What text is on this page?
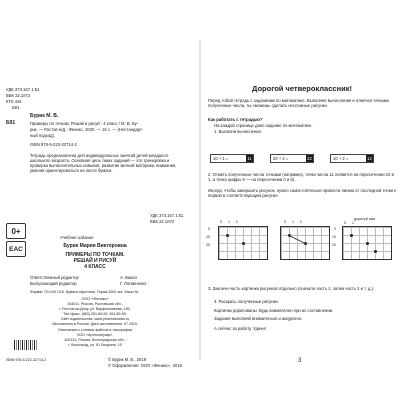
УДК 373.167.1:51
ББК 22.1я72
КТК 444
Б91
Бурик М. В.
Б91	Примеры по точкам. Решай и рисуй : 4 класс / М. В. Бу-
рик. — Ростов н/Д : Феникс, 2020. — 16 с. — (Нестандарт-
ный подход).
ISBN 978-5-222-32714-2
Тетрадь предназначена для индивидуальных занятий детей младшего школьного возраста. Основная цель таких заданий — это тренировка и проверка вычислительных навыков, развитие мелкой моторики, внимания, умения ориентироваться на листе бумаги.
УДК 373.167.1:51
ББК 22.1я72
0+
EAC
Учебное издание
Бурик Мария Викторовна
ПРИМЕРЫ ПО ТОЧКАМ.
РЕШАЙ И РИСУЙ
4 КЛАСС
Ответственный редактор	А. Вакал
Выпускающий редактор	Г. Логвиненко
Формат 70×100 1/16. Бумага офсетная. Тираж 2000 экз. Заказ №
ООО «Феникс»
344011, Россия, Ростовская обл.,
г. Ростов-на-Дону, ул. Варфоломеева, 150.
Тел./факс: (863) 261-89-50, 261-89-59.
Сайт издательства: www.phoenixbooks.ru
Изготовлено в России. Дата изготовления: 07.2019.
Отпечатано с готовых файлов в типографии
ООО «Артполиграф»,
400131, Россия, Волгоградская обл.,
г. Волгоград, ул. Ю.Гагарина, 15
ISBN 978-5-222-32714-2	© Бурик М. В., 2019
© Оформление: ООО «Феникс», 2019
Дорогой четвероклассник!
Перед тобой тетрадь с заданиями по математике. Выполняя вычисления и отмечая точками полученные числа, ты сможешь сделать несложные рисунки.
Как работать с тетрадью?
На каждой странице дано задание по математике.
1. Выполни вычисления.
10 + 1 =	11	20 + 2 =	22	10 + 2 =	12
2. Отметь полученные числа точками (например, точка числа 11 появится на пересечении 10 и 1, а точка цифры 5 — на пересечении 0 и 5).
Иногда, чтобы завершить рисунок, нужно самостоятельно провести линию от последней точки к первой в соответствующем рисунке.
0 1 2
0
10
20
0 1 2
дорисуй сам
0 1
0
10
20
3. Закончи часть картинки рисунков отдельно (сначала часть 1, затем часть 2 и т. д.).
4. Раскрась полученные рисунки.
Картинки дорисованы. Будь внимателен при их составлении.
Задания выполняй внимательно и аккуратно.
А сейчас за работу. Удачи!
3
